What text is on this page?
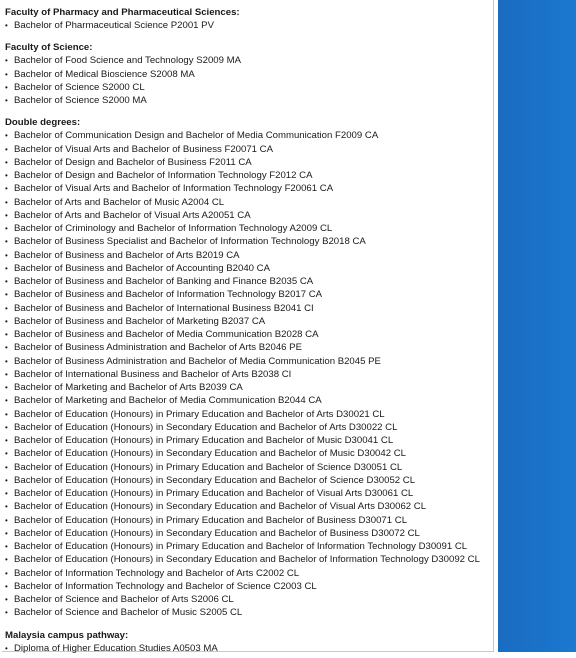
Faculty of Pharmacy and Pharmaceutical Sciences:
• Bachelor of Pharmaceutical Science P2001 PV
Faculty of Science:
• Bachelor of Food Science and Technology S2009 MA
• Bachelor of Medical Bioscience S2008 MA
• Bachelor of Science S2000 CL
• Bachelor of Science S2000 MA
Double degrees:
• Bachelor of Communication Design and Bachelor of Media Communication F2009 CA
• Bachelor of Visual Arts and Bachelor of Business F20071 CA
• Bachelor of Design and Bachelor of Business F2011 CA
• Bachelor of Design and Bachelor of Information Technology F2012 CA
• Bachelor of Visual Arts and Bachelor of Information Technology F20061 CA
• Bachelor of Arts and Bachelor of Music A2004 CL
• Bachelor of Arts and Bachelor of Visual Arts A20051 CA
• Bachelor of Criminology and Bachelor of Information Technology A2009 CL
• Bachelor of Business Specialist and Bachelor of Information Technology B2018 CA
• Bachelor of Business and Bachelor of Arts B2019 CA
• Bachelor of Business and Bachelor of Accounting B2040 CA
• Bachelor of Business and Bachelor of Banking and Finance B2035 CA
• Bachelor of Business and Bachelor of Information Technology B2017 CA
• Bachelor of Business and Bachelor of International Business B2041 CI
• Bachelor of Business and Bachelor of Marketing B2037 CA
• Bachelor of Business and Bachelor of Media Communication B2028 CA
• Bachelor of Business Administration and Bachelor of Arts B2046 PE
• Bachelor of Business Administration and Bachelor of Media Communication B2045 PE
• Bachelor of International Business and Bachelor of Arts B2038 CI
• Bachelor of Marketing and Bachelor of Arts B2039 CA
• Bachelor of Marketing and Bachelor of Media Communication B2044 CA
• Bachelor of Education (Honours) in Primary Education and Bachelor of Arts D30021 CL
• Bachelor of Education (Honours) in Secondary Education and Bachelor of Arts D30022 CL
• Bachelor of Education (Honours) in Primary Education and Bachelor of Music D30041 CL
• Bachelor of Education (Honours) in Secondary Education and Bachelor of Music D30042 CL
• Bachelor of Education (Honours) in Primary Education and Bachelor of Science D30051 CL
• Bachelor of Education (Honours) in Secondary Education and Bachelor of Science D30052 CL
• Bachelor of Education (Honours) in Primary Education and Bachelor of Visual Arts D30061 CL
• Bachelor of Education (Honours) in Secondary Education and Bachelor of Visual Arts D30062 CL
• Bachelor of Education (Honours) in Primary Education and Bachelor of Business D30071 CL
• Bachelor of Education (Honours) in Secondary Education and Bachelor of Business D30072 CL
• Bachelor of Education (Honours) in Primary Education and Bachelor of Information Technology D30091 CL
• Bachelor of Education (Honours) in Secondary Education and Bachelor of Information Technology D30092 CL
• Bachelor of Information Technology and Bachelor of Arts C2002 CL
• Bachelor of Information Technology and Bachelor of Science C2003 CL
• Bachelor of Science and Bachelor of Arts S2006 CL
• Bachelor of Science and Bachelor of Music S2005 CL
Malaysia campus pathway:
• Diploma of Higher Education Studies A0503 MA
